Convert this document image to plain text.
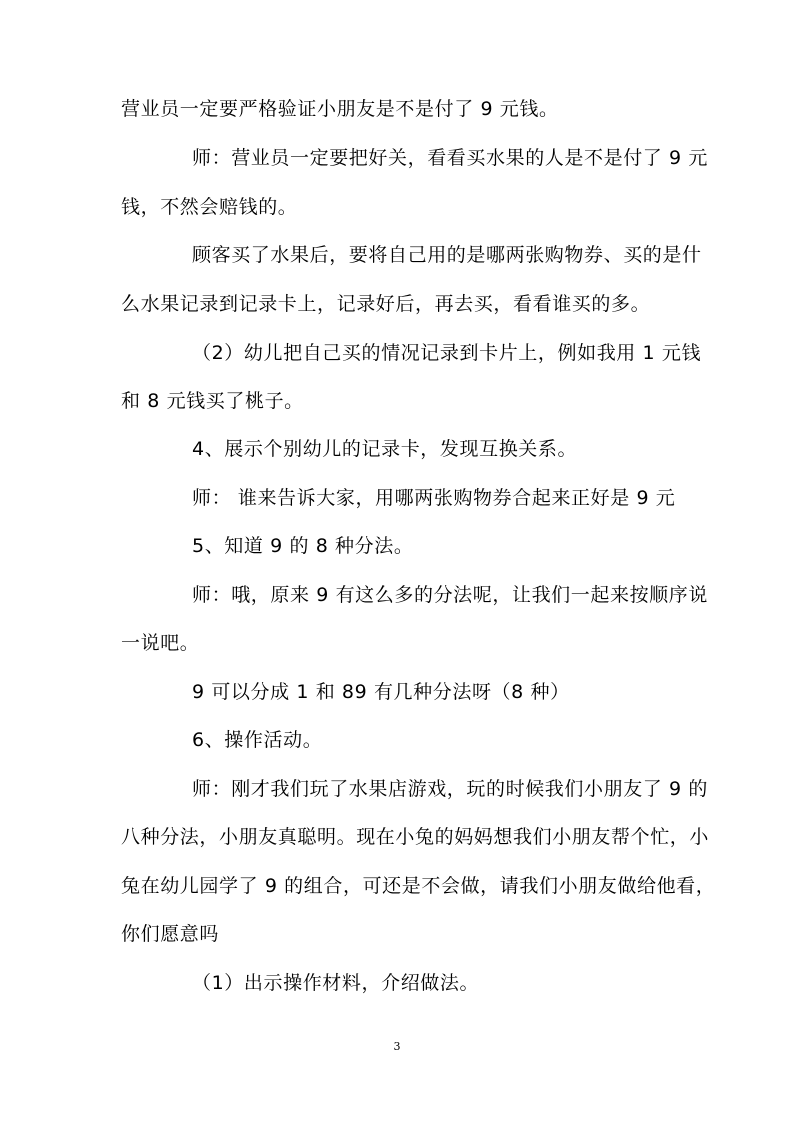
营业员一定要严格验证小朋友是不是付了 9 元钱。
师：营业员一定要把好关，看看买水果的人是不是付了 9 元
钱，不然会赔钱的。
顾客买了水果后，要将自己用的是哪两张购物券、买的是什
么水果记录到记录卡上，记录好后，再去买，看看谁买的多。
（2）幼儿把自己买的情况记录到卡片上，例如我用 1 元钱
和 8 元钱买了桃子。
4、展示个别幼儿的记录卡，发现互换关系。
师： 谁来告诉大家，用哪两张购物券合起来正好是 9 元
5、知道 9 的 8 种分法。
师：哦，原来 9 有这么多的分法呢，让我们一起来按顺序说
一说吧。
9 可以分成 1 和 89 有几种分法呀（8 种）
6、操作活动。
师：刚才我们玩了水果店游戏，玩的时候我们小朋友了 9 的
八种分法，小朋友真聪明。现在小兔的妈妈想我们小朋友帮个忙，小
兔在幼儿园学了 9 的组合，可还是不会做，请我们小朋友做给他看，
你们愿意吗
（1）出示操作材料，介绍做法。
3
